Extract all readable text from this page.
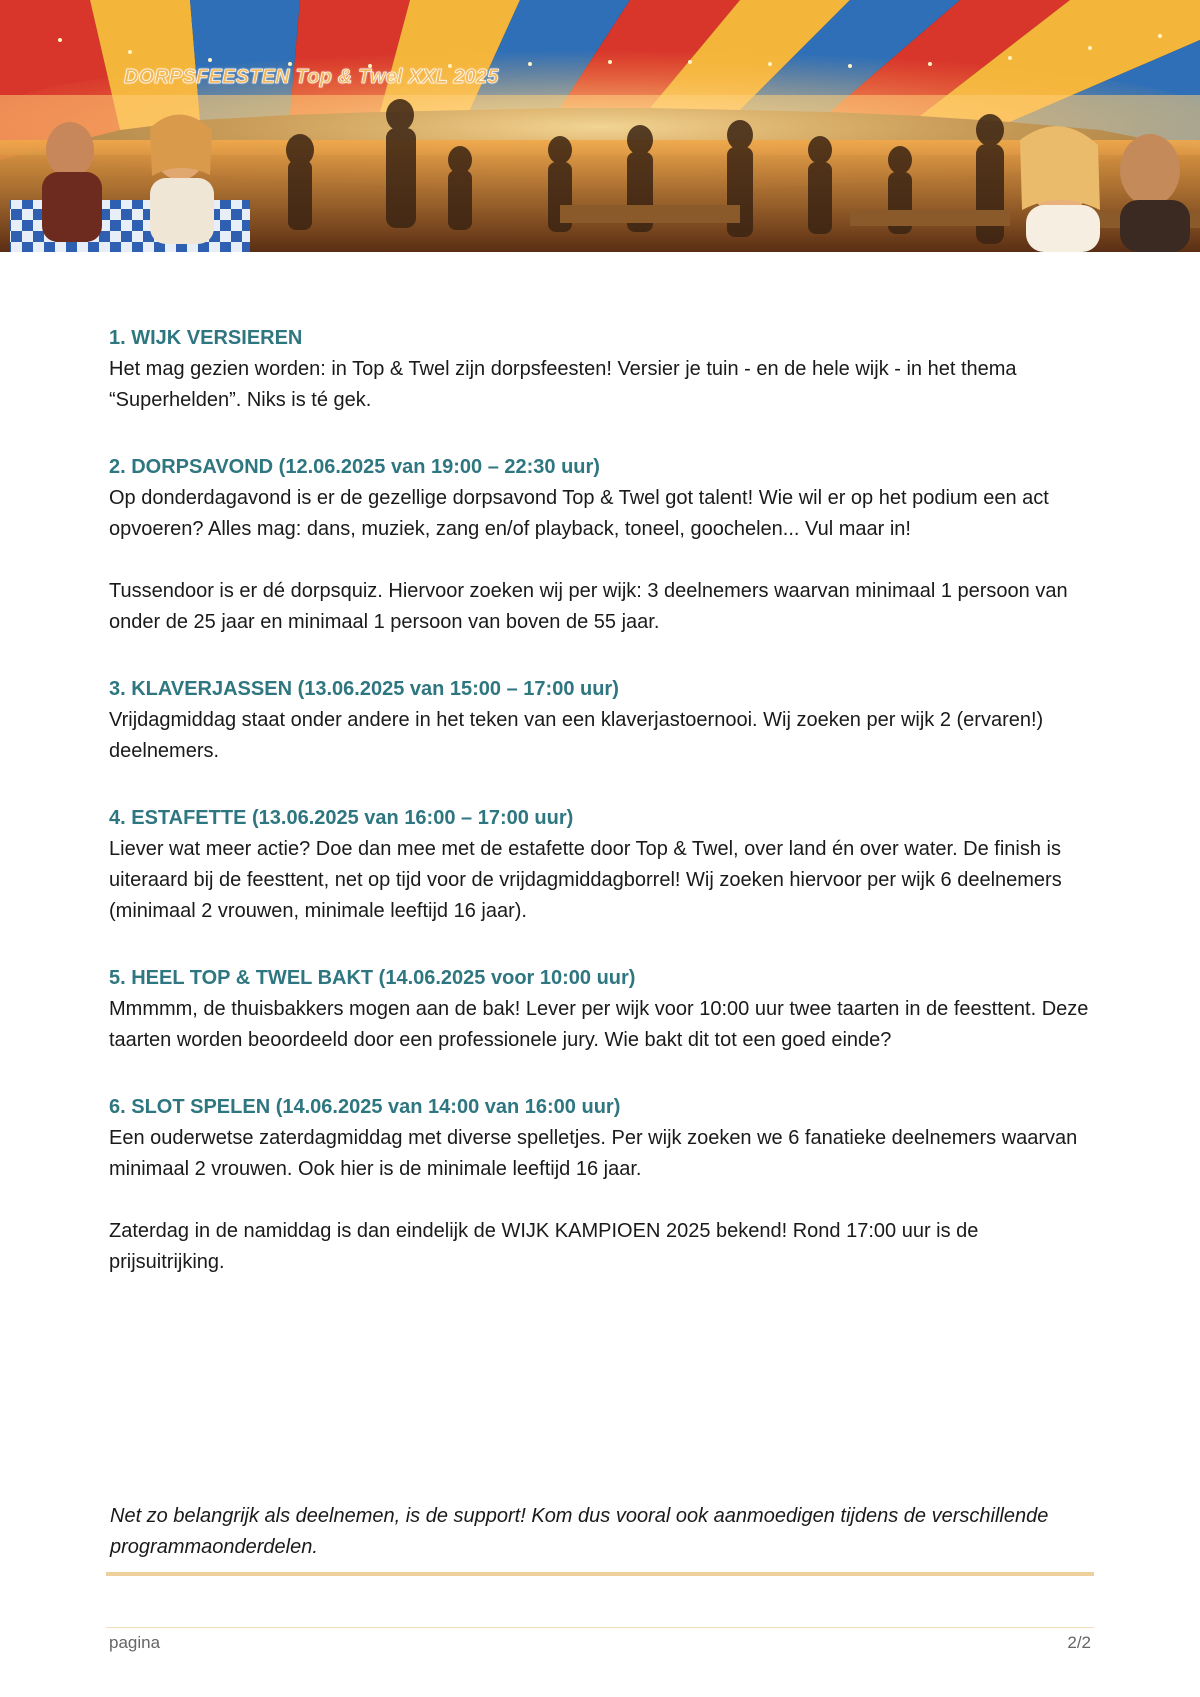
DORPSFEESTEN Top & Twel XXL 2025

1. WIJK VERSIEREN

Het mag gezien worden: in Top & Twel zijn dorpsfeesten! Versier je tuin - en de hele wijk - in het thema “Superhelden”. Niks is té gek.

2. DORPSAVOND (12.06.2025 van 19:00 – 22:30 uur)

Op donderdagavond is er de gezellige dorpsavond Top & Twel got talent! Wie wil er op het podium een act opvoeren? Alles mag: dans, muziek, zang en/of playback, toneel, goochelen... Vul maar in!

Tussendoor is er dé dorpsquiz. Hiervoor zoeken wij per wijk: 3 deelnemers waarvan minimaal 1 persoon van onder de 25 jaar en minimaal 1 persoon van boven de 55 jaar.

3. KLAVERJASSEN (13.06.2025 van 15:00 – 17:00 uur)

Vrijdagmiddag staat onder andere in het teken van een klaverjastoernooi. Wij zoeken per wijk 2 (ervaren!) deelnemers.

4. ESTAFETTE (13.06.2025 van 16:00 – 17:00 uur)

Liever wat meer actie? Doe dan mee met de estafette door Top & Twel, over land én over water. De finish is uiteraard bij de feesttent, net op tijd voor de vrijdagmiddagborrel! Wij zoeken hiervoor per wijk 6 deelnemers (minimaal 2 vrouwen, minimale leeftijd 16 jaar).

5. HEEL TOP & TWEL BAKT (14.06.2025 voor 10:00 uur)

Mmmmm, de thuisbakkers mogen aan de bak! Lever per wijk voor 10:00 uur twee taarten in de feesttent. Deze taarten worden beoordeeld door een professionele jury. Wie bakt dit tot een goed einde?

6. SLOT SPELEN (14.06.2025 van 14:00 van 16:00 uur)

Een ouderwetse zaterdagmiddag met diverse spelletjes. Per wijk zoeken we 6 fanatieke deelnemers waarvan minimaal 2 vrouwen. Ook hier is de minimale leeftijd 16 jaar.

Zaterdag in de namiddag is dan eindelijk de WIJK KAMPIOEN 2025 bekend! Rond 17:00 uur is de prijsuitrijking.

Net zo belangrijk als deelnemen, is de support! Kom dus vooral ook aanmoedigen tijdens de verschillende programmaonderdelen.

pagina	2/2
